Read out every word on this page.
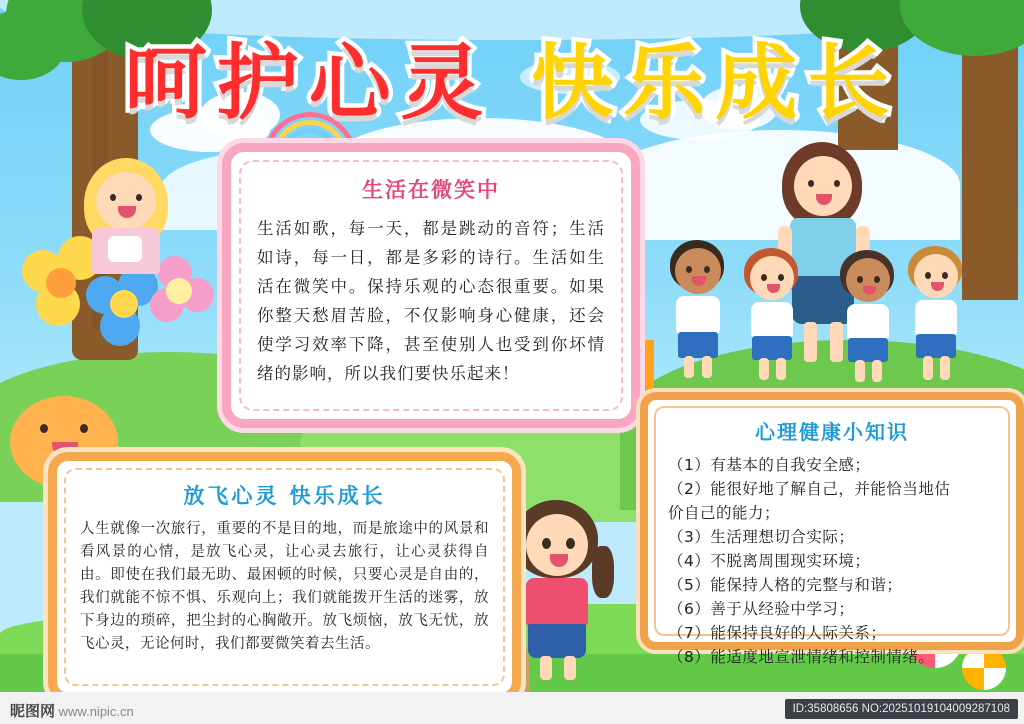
呵护心灵 快乐成长
生活在微笑中

生活如歌，每一天，都是跳动的音符；生活如诗，每一日，都是多彩的诗行。生活如生活在微笑中。保持乐观的心态很重要。如果你整天愁眉苦脸，不仅影响身心健康，还会使学习效率下降，甚至使别人也受到你坏情绪的影响，所以我们要快乐起来！

心理健康小知识
（1）有基本的自我安全感；
（2）能很好地了解自己，并能恰当地估
价自己的能力；
（3）生活理想切合实际；
（4）不脱离周围现实环境；
（5）能保持人格的完整与和谐；
（6）善于从经验中学习；
（7）能保持良好的人际关系；
（8）能适度地宣泄情绪和控制情绪。
放飞心灵 快乐成长

人生就像一次旅行，重要的不是目的地，而是旅途中的风景和看风景的心情，是放飞心灵，让心灵去旅行，让心灵获得自由。即使在我们最无助、最困顿的时候，只要心灵是自由的，我们就能不惊不惧、乐观向上；我们就能拨开生活的迷雾，放下身边的琐碎，把尘封的心胸敞开。放飞烦恼，放飞无忧，放飞心灵，无论何时，我们都要微笑着去生活。

昵图网 www.nipic.cn	ID:35808656 NO:20251019104009287108
